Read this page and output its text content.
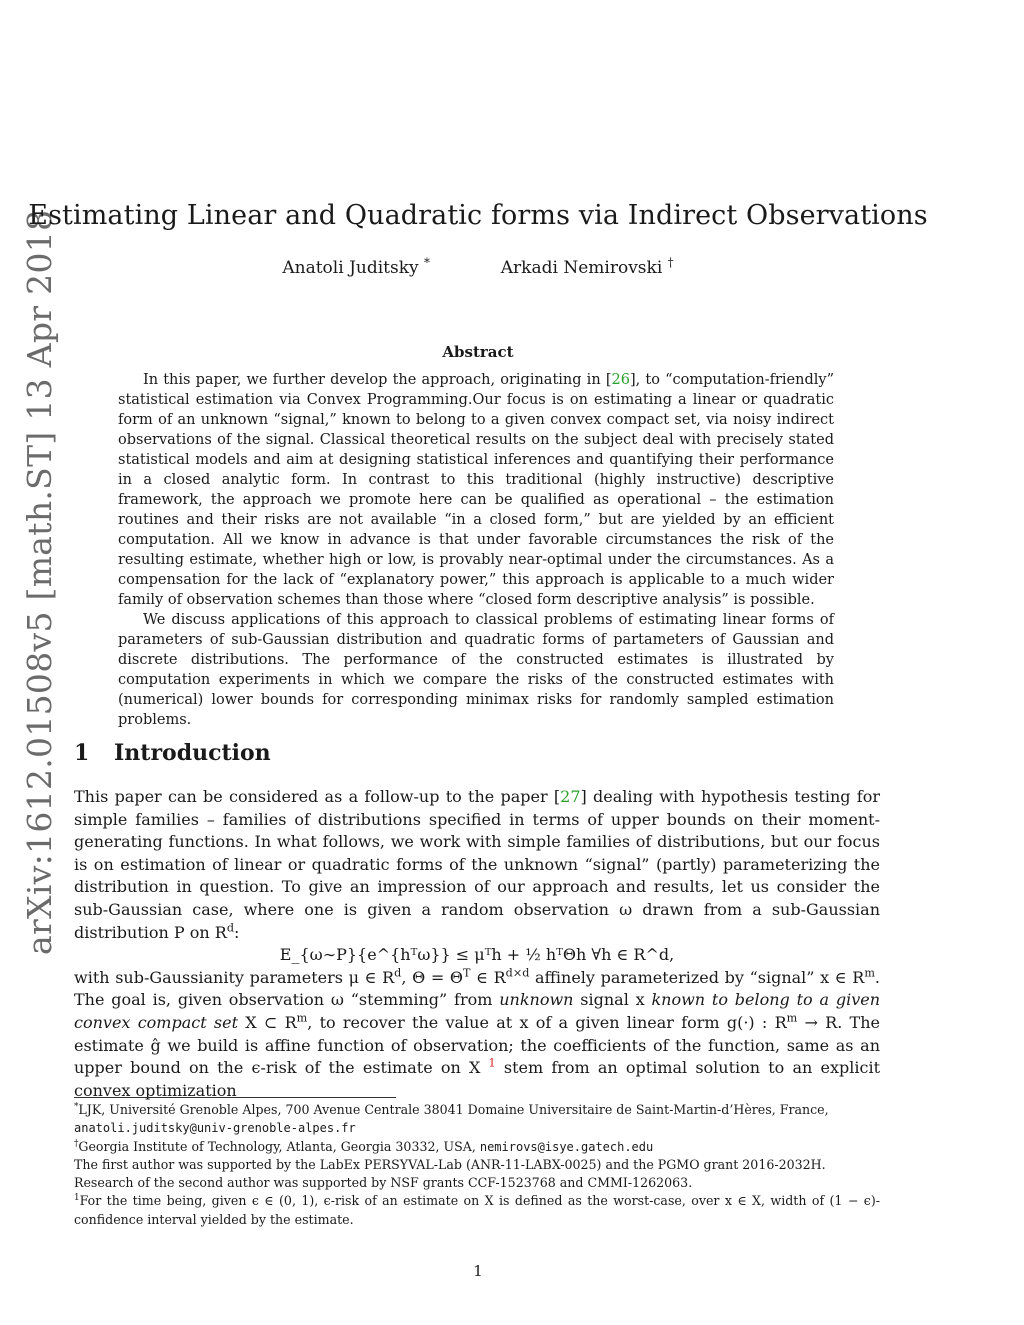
arXiv:1612.01508v5 [math.ST] 13 Apr 2018
Estimating Linear and Quadratic forms via Indirect Observations
Anatoli Juditsky *	Arkadi Nemirovski †
Abstract

In this paper, we further develop the approach, originating in [26], to “computation-friendly” statistical estimation via Convex Programming.Our focus is on estimating a linear or quadratic form of an unknown “signal,” known to belong to a given convex compact set, via noisy indirect observations of the signal. Classical theoretical results on the subject deal with precisely stated statistical models and aim at designing statistical inferences and quantifying their performance in a closed analytic form. In contrast to this traditional (highly instructive) descriptive framework, the approach we promote here can be qualified as operational – the estimation routines and their risks are not available “in a closed form,” but are yielded by an efficient computation. All we know in advance is that under favorable circumstances the risk of the resulting estimate, whether high or low, is provably near-optimal under the circumstances. As a compensation for the lack of “explanatory power,” this approach is applicable to a much wider family of observation schemes than those where “closed form descriptive analysis” is possible.

We discuss applications of this approach to classical problems of estimating linear forms of parameters of sub-Gaussian distribution and quadratic forms of partameters of Gaussian and discrete distributions. The performance of the constructed estimates is illustrated by computation experiments in which we compare the risks of the constructed estimates with (numerical) lower bounds for corresponding minimax risks for randomly sampled estimation problems.

1 Introduction

This paper can be considered as a follow-up to the paper [27] dealing with hypothesis testing for simple families – families of distributions specified in terms of upper bounds on their moment-generating functions. In what follows, we work with simple families of distributions, but our focus is on estimation of linear or quadratic forms of the unknown “signal” (partly) parameterizing the distribution in question. To give an impression of our approach and results, let us consider the sub-Gaussian case, where one is given a random observation ω drawn from a sub-Gaussian distribution P on $R^d$:

E_{ω∼P}{e^{hᵀω}} ≤ μᵀh + ½ hᵀΘh ∀h ∈ R^d,

with sub-Gaussianity parameters μ ∈ $R^d$, $\Theta = \Theta^T$ ∈ $R^{d\times d}$ affinely parameterized by “signal” x ∈ $R^m$. The goal is, given observation ω “stemming” from unknown signal x known to belong to a given convex compact set X ⊂ $R^m$, to recover the value at x of a given linear form g(·) : $R^m \to R$. The estimate ĝ we build is affine function of observation; the coefficients of the function, same as an upper bound on the ϵ-risk of the estimate on X $^1$ stem from an optimal solution to an explicit convex optimization

*LJK, Université Grenoble Alpes, 700 Avenue Centrale 38041 Domaine Universitaire de Saint-Martin-d’Hères, France,
anatoli.juditsky@univ-grenoble-alpes.fr

†Georgia Institute of Technology, Atlanta, Georgia 30332, USA, nemirovs@isye.gatech.edu

The first author was supported by the LabEx PERSYVAL-Lab (ANR-11-LABX-0025) and the PGMO grant 2016-2032H.

Research of the second author was supported by NSF grants CCF-1523768 and CMMI-1262063.

$^1$For the time being, given ϵ ∈ (0, 1), ϵ-risk of an estimate on X is defined as the worst-case, over x ∈ X, width of (1 − ϵ)-confidence interval yielded by the estimate.

1
